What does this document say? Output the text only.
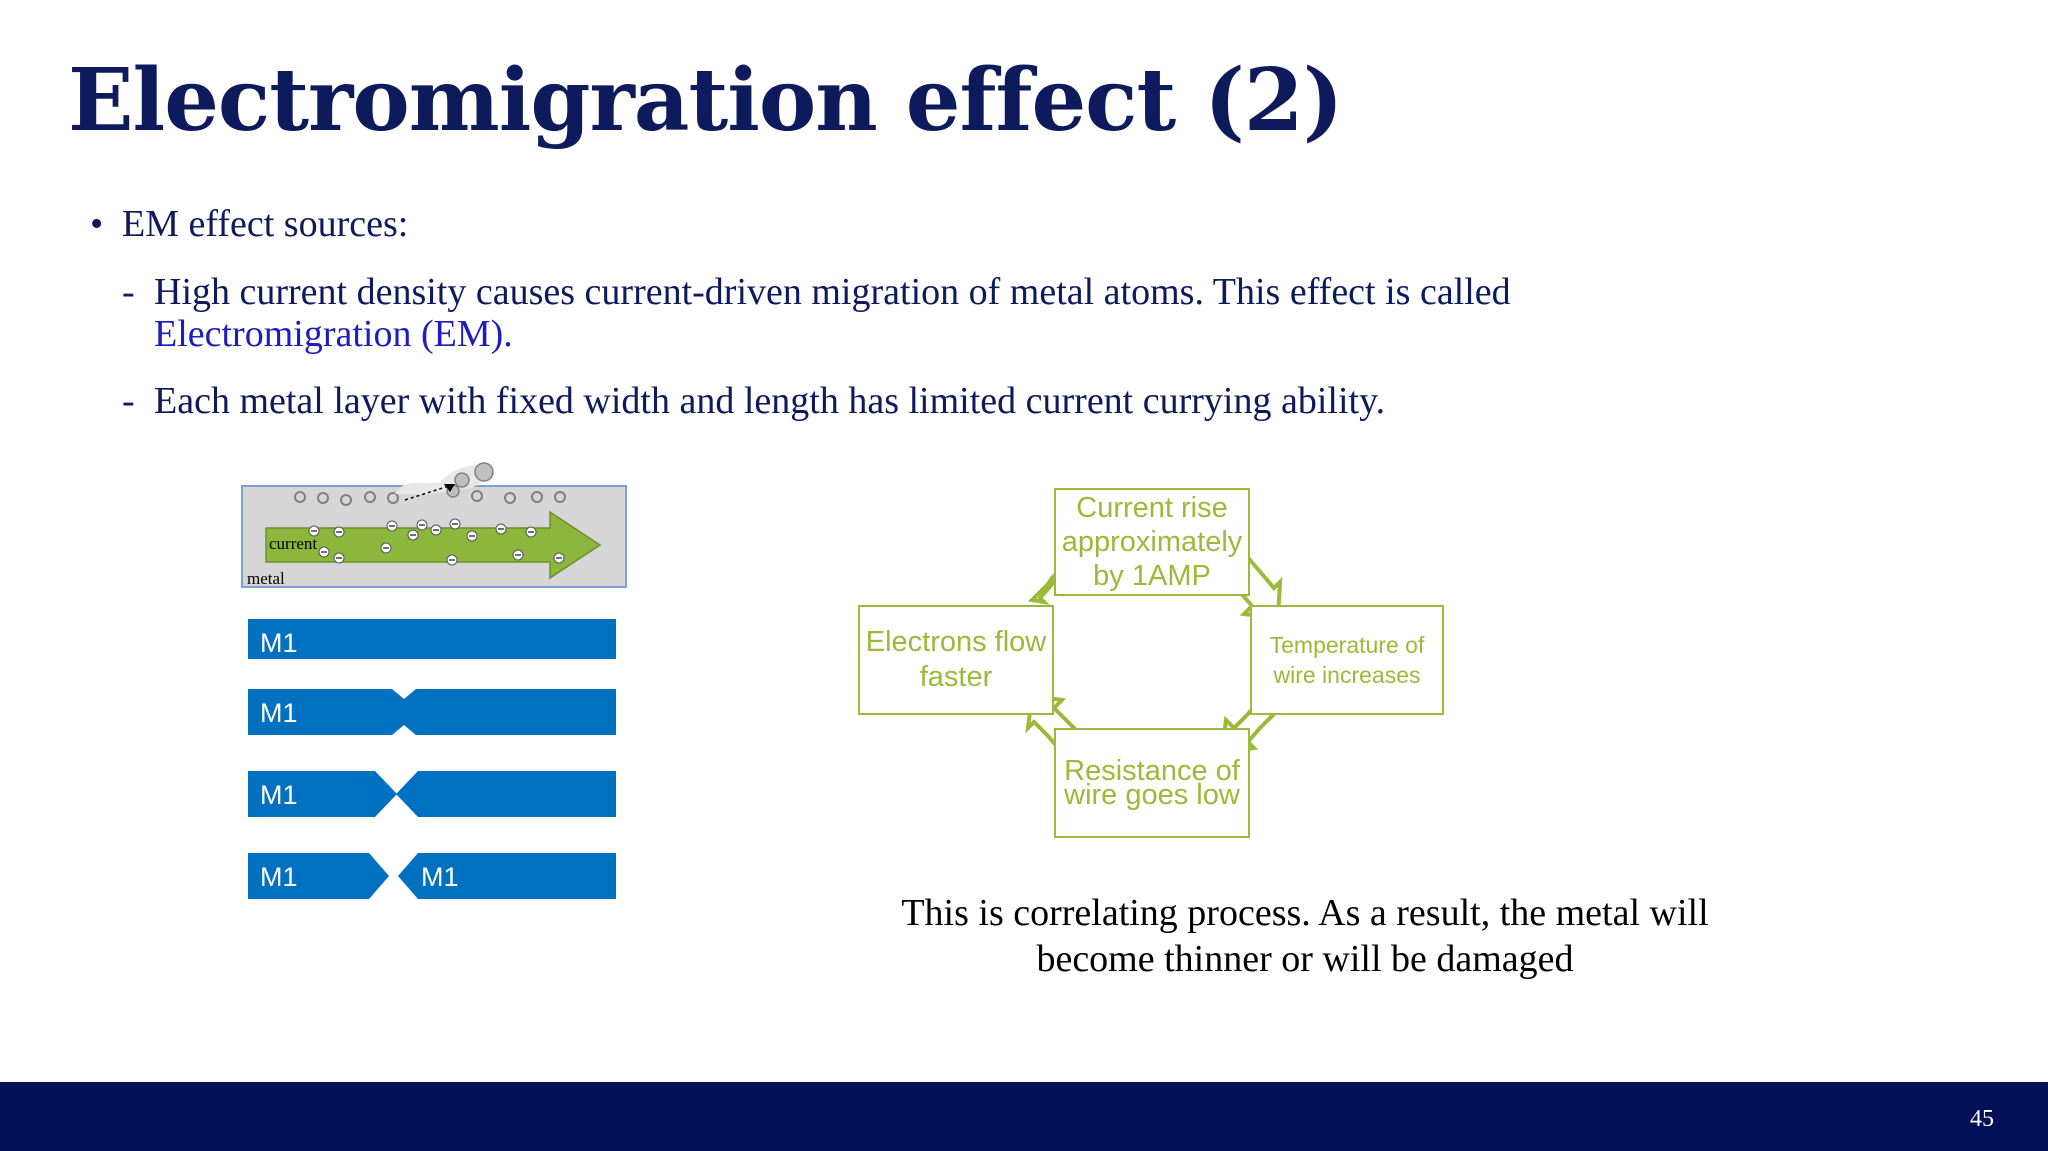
Electromigration effect (2)
• EM effect sources:
- High current density causes current-driven migration of metal atoms. This effect is called
Electromigration (EM).
- Each metal layer with fixed width and length has limited current currying ability.
current
metal
M1
M1
M1
M1	M1
Current rise
approximately
by 1AMP
Electrons flow
faster
Temperature of
wire increases
Resistance of
wire goes low
This is correlating process. As a result, the metal will
become thinner or will be damaged
45
